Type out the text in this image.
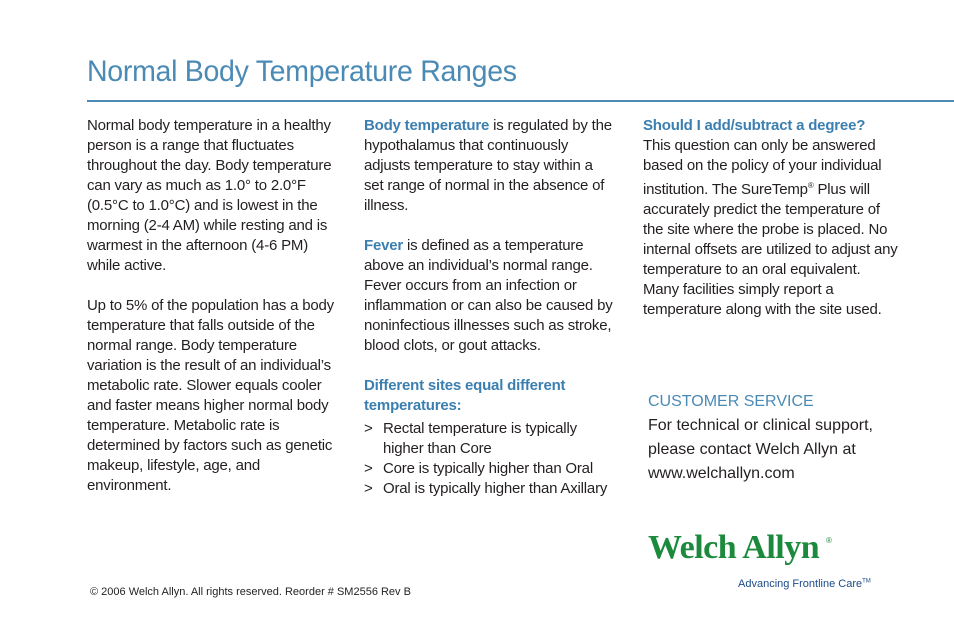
Normal Body Temperature Ranges

Normal body temperature in a healthy person is a range that fluctuates throughout the day. Body temperature can vary as much as 1.0° to 2.0°F (0.5°C to 1.0°C) and is lowest in the morning (2-4 AM) while resting and is warmest in the afternoon (4-6 PM) while active.

Up to 5% of the population has a body temperature that falls outside of the normal range. Body temperature variation is the result of an individual’s metabolic rate. Slower equals cooler and faster means higher normal body temperature. Metabolic rate is determined by factors such as genetic makeup, lifestyle, age, and environment.

Body temperature is regulated by the hypothalamus that continuously adjusts temperature to stay within a set range of normal in the absence of illness.

Fever is defined as a temperature above an individual’s normal range. Fever occurs from an infection or inflammation or can also be caused by noninfectious illnesses such as stroke, blood clots, or gout attacks.

Different sites equal different temperatures:

> Rectal temperature is typically higher than Core
> Core is typically higher than Oral
> Oral is typically higher than Axillary

Should I add/subtract a degree?

This question can only be answered based on the policy of your individual institution. The SureTemp® Plus will accurately predict the temperature of the site where the probe is placed. No internal offsets are utilized to adjust any temperature to an oral equivalent. Many facilities simply report a temperature along with the site used.

CUSTOMER SERVICE
For technical or clinical support, please contact Welch Allyn at www.welchallyn.com
Welch Allyn ®
Advancing Frontline Care™
© 2006 Welch Allyn. All rights reserved. Reorder # SM2556 Rev B
